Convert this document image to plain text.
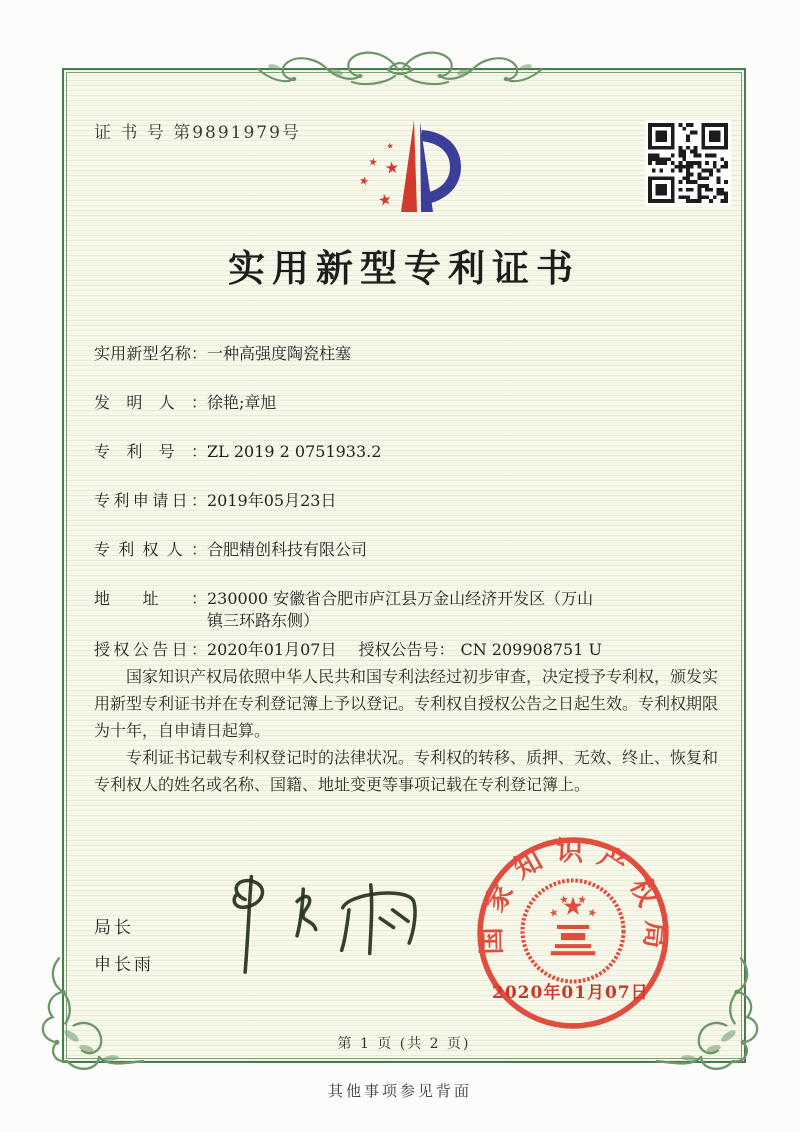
证 书 号 第9891979号
实用新型专利证书
实用新型名称： 一种高强度陶瓷柱塞
发明人： 徐艳;章旭
专利号： ZL 2019 2 0751933.2
专利申请日： 2019年05月23日
专利权人： 合肥精创科技有限公司
地址： 230000 安徽省合肥市庐江县万金山经济开发区（万山镇三环路东侧）
授权公告日： 2020年01月07日 授权公告号： CN 209908751 U

国家知识产权局依照中华人民共和国专利法经过初步审查，决定授予专利权，颁发实用新型专利证书并在专利登记簿上予以登记。专利权自授权公告之日起生效。专利权期限为十年，自申请日起算。

专利证书记载专利权登记时的法律状况。专利权的转移、质押、无效、终止、恢复和专利权人的姓名或名称、国籍、地址变更等事项记载在专利登记簿上。

局长
申长雨
国家知识产权局
2020年01月07日
第 1 页 (共 2 页)
其他事项参见背面
